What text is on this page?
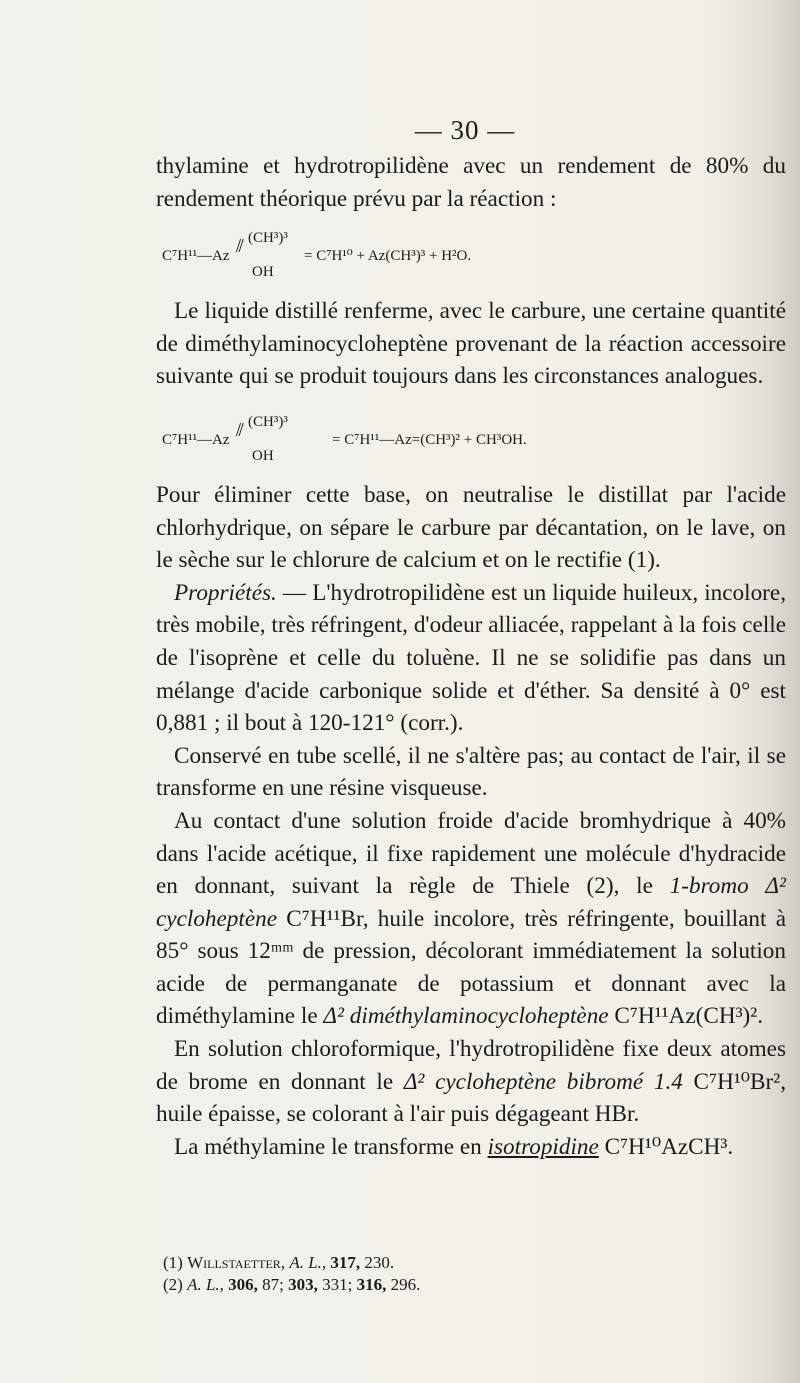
— 30 —

thylamine et hydrotropilidène avec un rendement de 80% du rendement théorique prévu par la réaction :

C⁷H¹¹—Az

⫽

(CH³)³

OH

= C⁷H¹⁰ + Az(CH³)³ + H²O.

Le liquide distillé renferme, avec le carbure, une certaine quantité de diméthylaminocycloheptène provenant de la réaction accessoire suivante qui se produit toujours dans les circonstances analogues.

C⁷H¹¹—Az

⫽

(CH³)³

OH

= C⁷H¹¹—Az=(CH³)² + CH³OH.

Pour éliminer cette base, on neutralise le distillat par l'acide chlorhydrique, on sépare le carbure par décantation, on le lave, on le sèche sur le chlorure de calcium et on le rectifie (1).

Propriétés. — L'hydrotropilidène est un liquide huileux, incolore, très mobile, très réfringent, d'odeur alliacée, rappelant à la fois celle de l'isoprène et celle du toluène. Il ne se solidifie pas dans un mélange d'acide carbonique solide et d'éther. Sa densité à 0° est 0,881 ; il bout à 120-121° (corr.).

Conservé en tube scellé, il ne s'altère pas; au contact de l'air, il se transforme en une résine visqueuse.

Au contact d'une solution froide d'acide bromhydrique à 40% dans l'acide acétique, il fixe rapidement une molécule d'hydracide en donnant, suivant la règle de Thiele (2), le 1-bromo Δ² cycloheptène C⁷H¹¹Br, huile incolore, très réfringente, bouillant à 85° sous 12ᵐᵐ de pression, décolorant immédiatement la solution acide de permanganate de potassium et donnant avec la diméthylamine le Δ² diméthylaminocycloheptène C⁷H¹¹Az(CH³)².

En solution chloroformique, l'hydrotropilidène fixe deux atomes de brome en donnant le Δ² cycloheptène bibromé 1.4 C⁷H¹⁰Br², huile épaisse, se colorant à l'air puis dégageant HBr.

La méthylamine le transforme en isotropidine C⁷H¹⁰AzCH³.

(1) Willstaetter, A. L., 317, 230.

(2) A. L., 306, 87; 303, 331; 316, 296.
